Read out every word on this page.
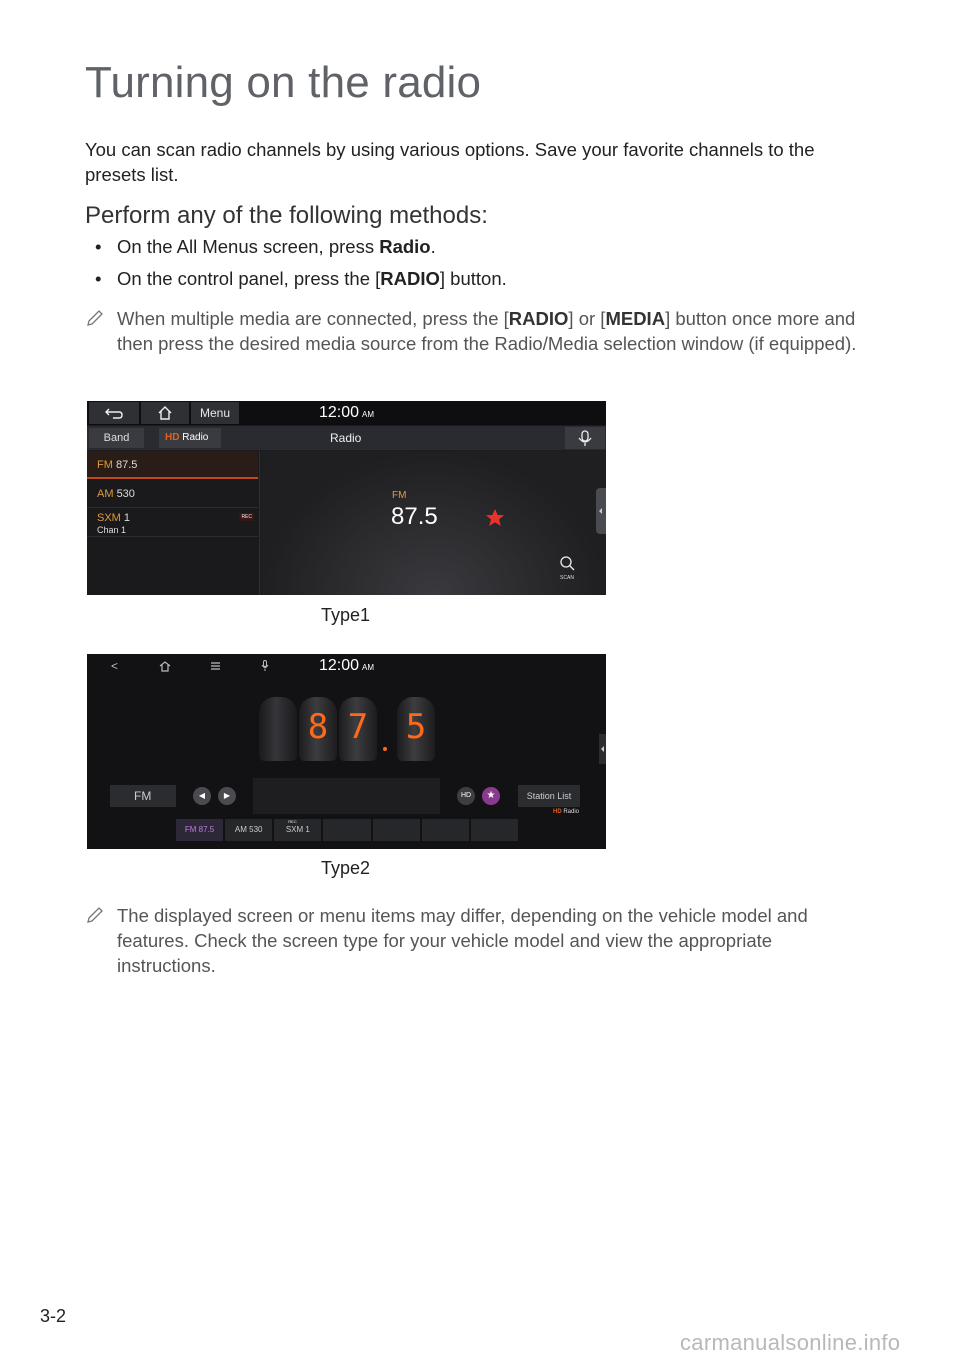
Turning on the radio
You can scan radio channels by using various options. Save your favorite channels to the presets list.
Perform any of the following methods:
• On the All Menus screen, press Radio.
• On the control panel, press the [RADIO] button.
When multiple media are connected, press the [RADIO] or [MEDIA] button once more and then press the desired media source from the Radio/Media selection window (if equipped).
Menu	12:00 AM
Band	HD Radio	Radio
FM 87.5
AM 530
SXM 1
Chan 1
REC
FM
87.5
SCAN
Type1
<	12:00 AM
8 7 5
FM	◀	▶	HD	★	Station List
HD Radio
FM 87.5	AM 530
REC
SXM 1
Type2
The displayed screen or menu items may differ, depending on the vehicle model and features. Check the screen type for your vehicle model and view the appropriate instructions.
3-2
carmanualsonline.info
